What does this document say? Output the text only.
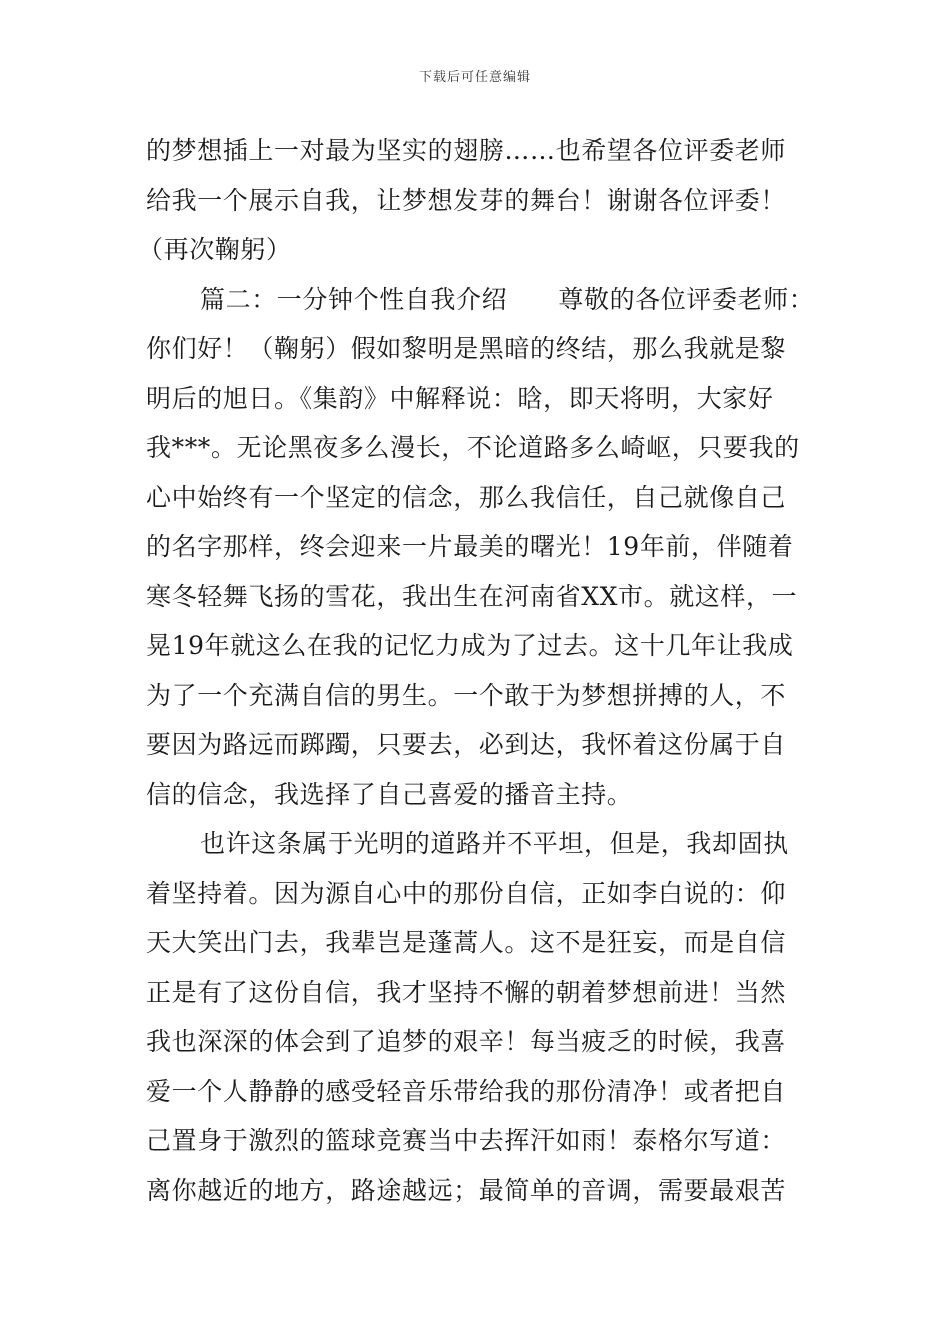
下载后可任意编辑
的梦想插上一对最为坚实的翅膀……也希望各位评委老师
给我一个展示自我，让梦想发芽的舞台！谢谢各位评委！
（再次鞠躬）
篇二：一分钟个性自我介绍　　尊敬的各位评委老师：
你们好！（鞠躬）假如黎明是黑暗的终结，那么我就是黎
明后的旭日。《集韵》中解释说：晗，即天将明，大家好
我***。无论黑夜多么漫长，不论道路多么崎岖，只要我的
心中始终有一个坚定的信念，那么我信任，自己就像自己
的名字那样，终会迎来一片最美的曙光！19年前，伴随着
寒冬轻舞飞扬的雪花，我出生在河南省XX市。就这样，一
晃19年就这么在我的记忆力成为了过去。这十几年让我成
为了一个充满自信的男生。一个敢于为梦想拼搏的人，不
要因为路远而踯躅，只要去，必到达，我怀着这份属于自
信的信念，我选择了自己喜爱的播音主持。
也许这条属于光明的道路并不平坦，但是，我却固执
着坚持着。因为源自心中的那份自信，正如李白说的：仰
天大笑出门去，我辈岂是蓬蒿人。这不是狂妄，而是自信
正是有了这份自信，我才坚持不懈的朝着梦想前进！当然
我也深深的体会到了追梦的艰辛！每当疲乏的时候，我喜
爱一个人静静的感受轻音乐带给我的那份清净！或者把自
己置身于激烈的篮球竞赛当中去挥汗如雨！泰格尔写道：
离你越近的地方，路途越远；最简单的音调，需要最艰苦
